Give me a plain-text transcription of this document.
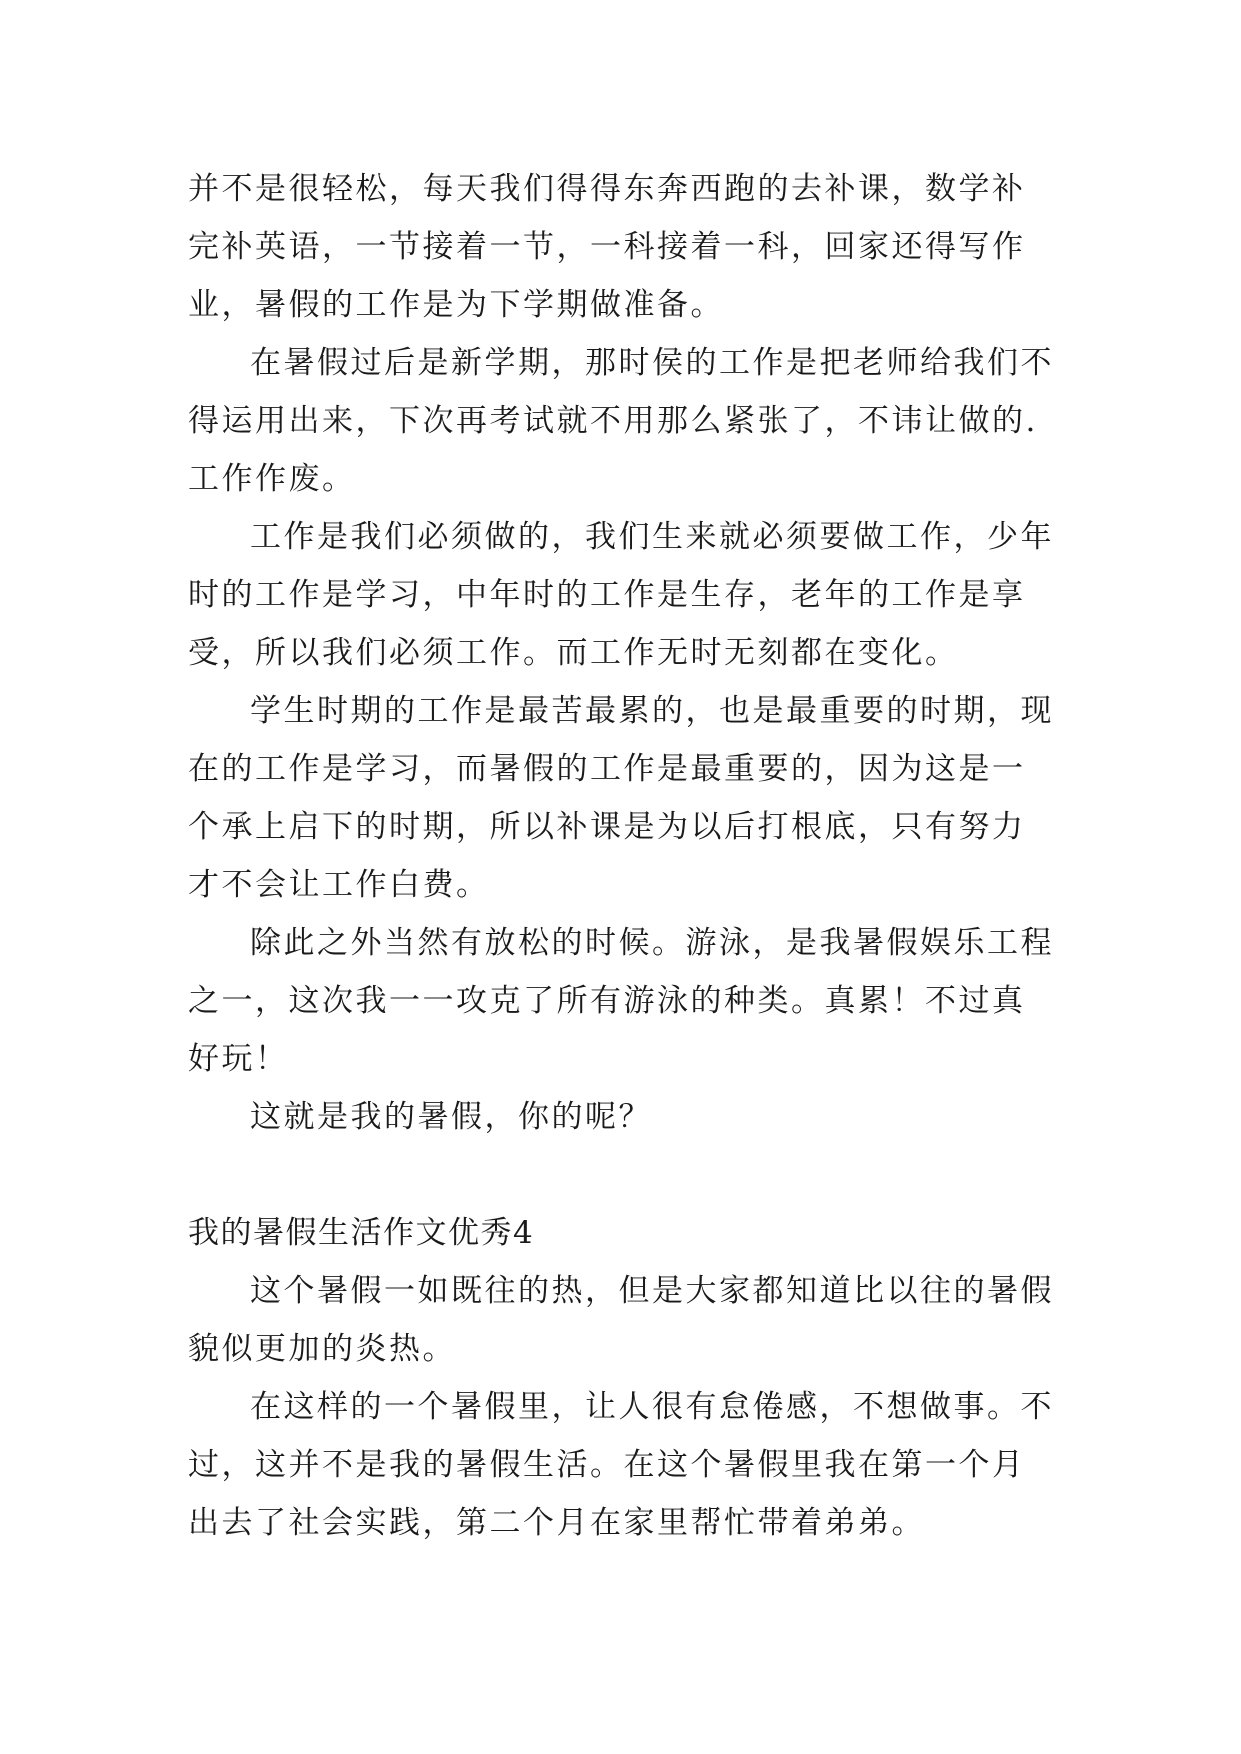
并不是很轻松，每天我们得得东奔西跑的去补课，数学补完补英语，一节接着一节，一科接着一科，回家还得写作业，暑假的工作是为下学期做准备。

在暑假过后是新学期，那时侯的工作是把老师给我们不得运用出来，下次再考试就不用那么紧张了，不讳让做的.工作作废。

工作是我们必须做的，我们生来就必须要做工作，少年时的工作是学习，中年时的工作是生存，老年的工作是享受，所以我们必须工作。而工作无时无刻都在变化。

学生时期的工作是最苦最累的，也是最重要的时期，现在的工作是学习，而暑假的工作是最重要的，因为这是一个承上启下的时期，所以补课是为以后打根底，只有努力才不会让工作白费。

除此之外当然有放松的时候。游泳，是我暑假娱乐工程之一，这次我一一攻克了所有游泳的种类。真累！不过真好玩！

这就是我的暑假，你的呢？

我的暑假生活作文优秀4

这个暑假一如既往的热，但是大家都知道比以往的暑假貌似更加的炎热。

在这样的一个暑假里，让人很有怠倦感，不想做事。不过，这并不是我的暑假生活。在这个暑假里我在第一个月出去了社会实践，第二个月在家里帮忙带着弟弟。
